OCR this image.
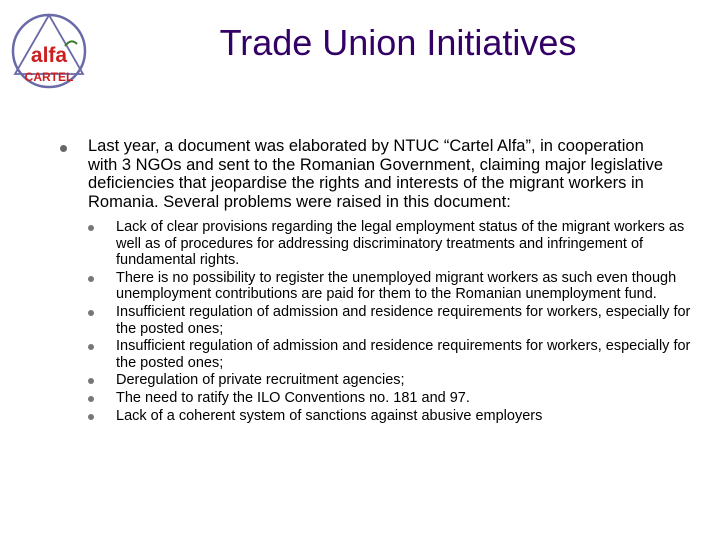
alfa
CARTEL
Trade Union Initiatives
Last year, a document was elaborated by NTUC “Cartel Alfa”, in cooperation with 3 NGOs and sent to the Romanian Government, claiming major legislative deficiencies that jeopardise the rights and interests of the migrant workers in Romania. Several problems were raised in this document:
Lack of clear provisions regarding the legal employment status of the migrant workers as well as of procedures for addressing discriminatory treatments and infringement of fundamental rights.
There is no possibility to register the unemployed migrant workers as such even though unemployment contributions are paid for them to the Romanian unemployment fund.
Insufficient regulation of admission and residence requirements for workers, especially for the posted ones;
Insufficient regulation of admission and residence requirements for workers, especially for the posted ones;
Deregulation of private recruitment agencies;
The need to ratify the ILO Conventions no. 181 and 97.
Lack of a coherent system of sanctions against abusive employers
